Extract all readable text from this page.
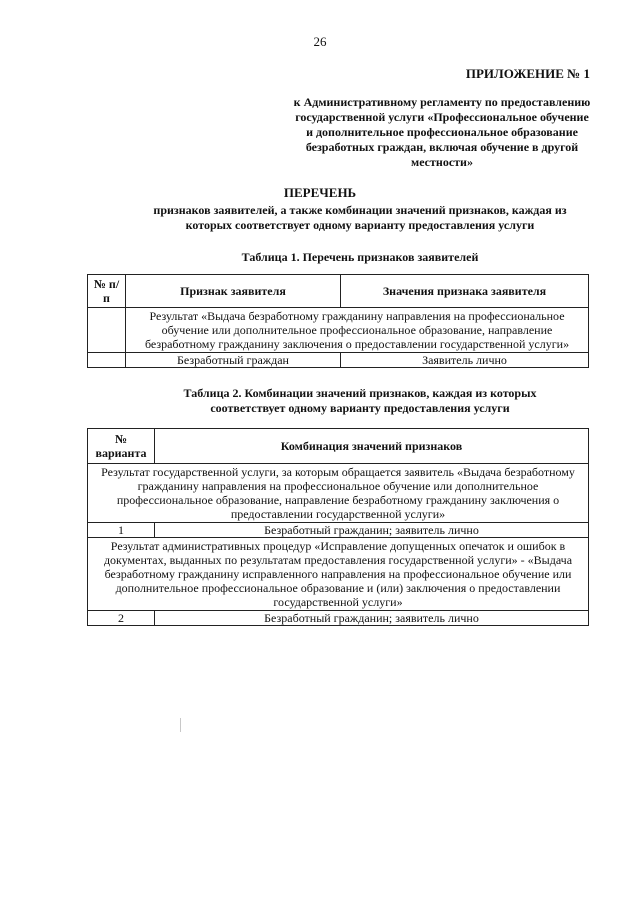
26
ПРИЛОЖЕНИЕ № 1
к Административному регламенту по предоставлению государственной услуги «Профессиональное обучение и дополнительное профессиональное образование безработных граждан, включая обучение в другой местности»
ПЕРЕЧЕНЬ
признаков заявителей, а также комбинации значений признаков, каждая из которых соответствует одному варианту предоставления услуги
Таблица 1. Перечень признаков заявителей
№ п/п	Признак заявителя	Значения признака заявителя
	Результат «Выдача безработному гражданину направления на профессиональное обучение или дополнительное профессиональное образование, направление безработному гражданину заключения о предоставлении государственной услуги»	
	Безработный граждан	Заявитель лично
Таблица 2. Комбинации значений признаков, каждая из которых соответствует одному варианту предоставления услуги
№ варианта	Комбинация значений признаков
Результат государственной услуги, за которым обращается заявитель «Выдача безработному гражданину направления на профессиональное обучение или дополнительное профессиональное образование, направление безработному гражданину заключения о предоставлении государственной услуги»	
1	Безработный гражданин; заявитель лично
Результат административных процедур «Исправление допущенных опечаток и ошибок в документах, выданных по результатам предоставления государственной услуги» - «Выдача безработному гражданину исправленного направления на профессиональное обучение или дополнительное профессиональное образование и (или) заключения о предоставлении государственной услуги»	
2	Безработный гражданин; заявитель лично
